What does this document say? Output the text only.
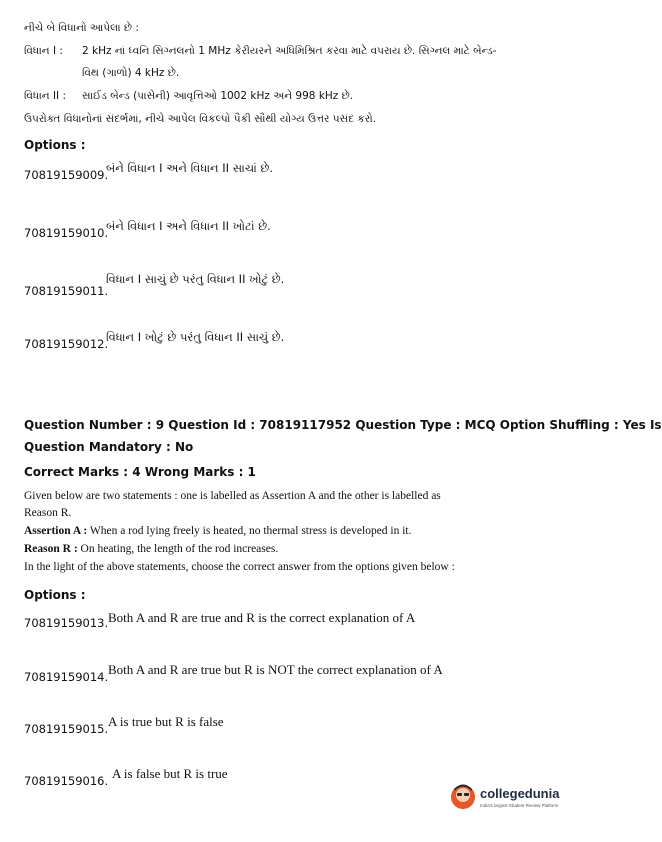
નીચે બે વિધાનો આપેલા છે :
વિધાન I : 2 kHz નાં ધ્વનિ સિગ્નલનો 1 MHz કેરીયરને અધિમિશ્રિત કરવા માટે વપરાય છે. સિગ્નલ માટે બેન્ડ-
વિથ (ગાળો) 4 kHz છે.
વિધાન II : સાઈડ બેન્ડ (પાસેની) આવૃત્તિઓ 1002 kHz અને 998 kHz છે.
ઉપરોક્ત વિધાનોનાં સંદર્ભમાં, નીચે આપેલ વિકલ્પો પૈકી સૌથી યોગ્ય ઉત્તર પસંદ કરો.
Options :
70819159009.
બંને વિધાન I અને વિધાન II સાચાં છે.
70819159010.
બંને વિધાન I અને વિધાન II ખોટાં છે.
70819159011.
વિધાન I સાચું છે પરંતુ વિધાન II ખોટું છે.
70819159012.
વિધાન I ખોટું છે પરંતુ વિધાન II સાચું છે.
Question Number : 9 Question Id : 70819117952 Question Type : MCQ Option Shuffling : Yes Is
Question Mandatory : No
Correct Marks : 4 Wrong Marks : 1
Given below are two statements : one is labelled as Assertion A and the other is labelled as
Reason R.
Assertion A : When a rod lying freely is heated, no thermal stress is developed in it.
Reason R : On heating, the length of the rod increases.
In the light of the above statements, choose the correct answer from the options given below :
Options :
70819159013. Both A and R are true and R is the correct explanation of A
70819159014. Both A and R are true but R is NOT the correct explanation of A
70819159015. A is true but R is false
70819159016. A is false but R is true
collegedunia
India's largest Student Review Platform
